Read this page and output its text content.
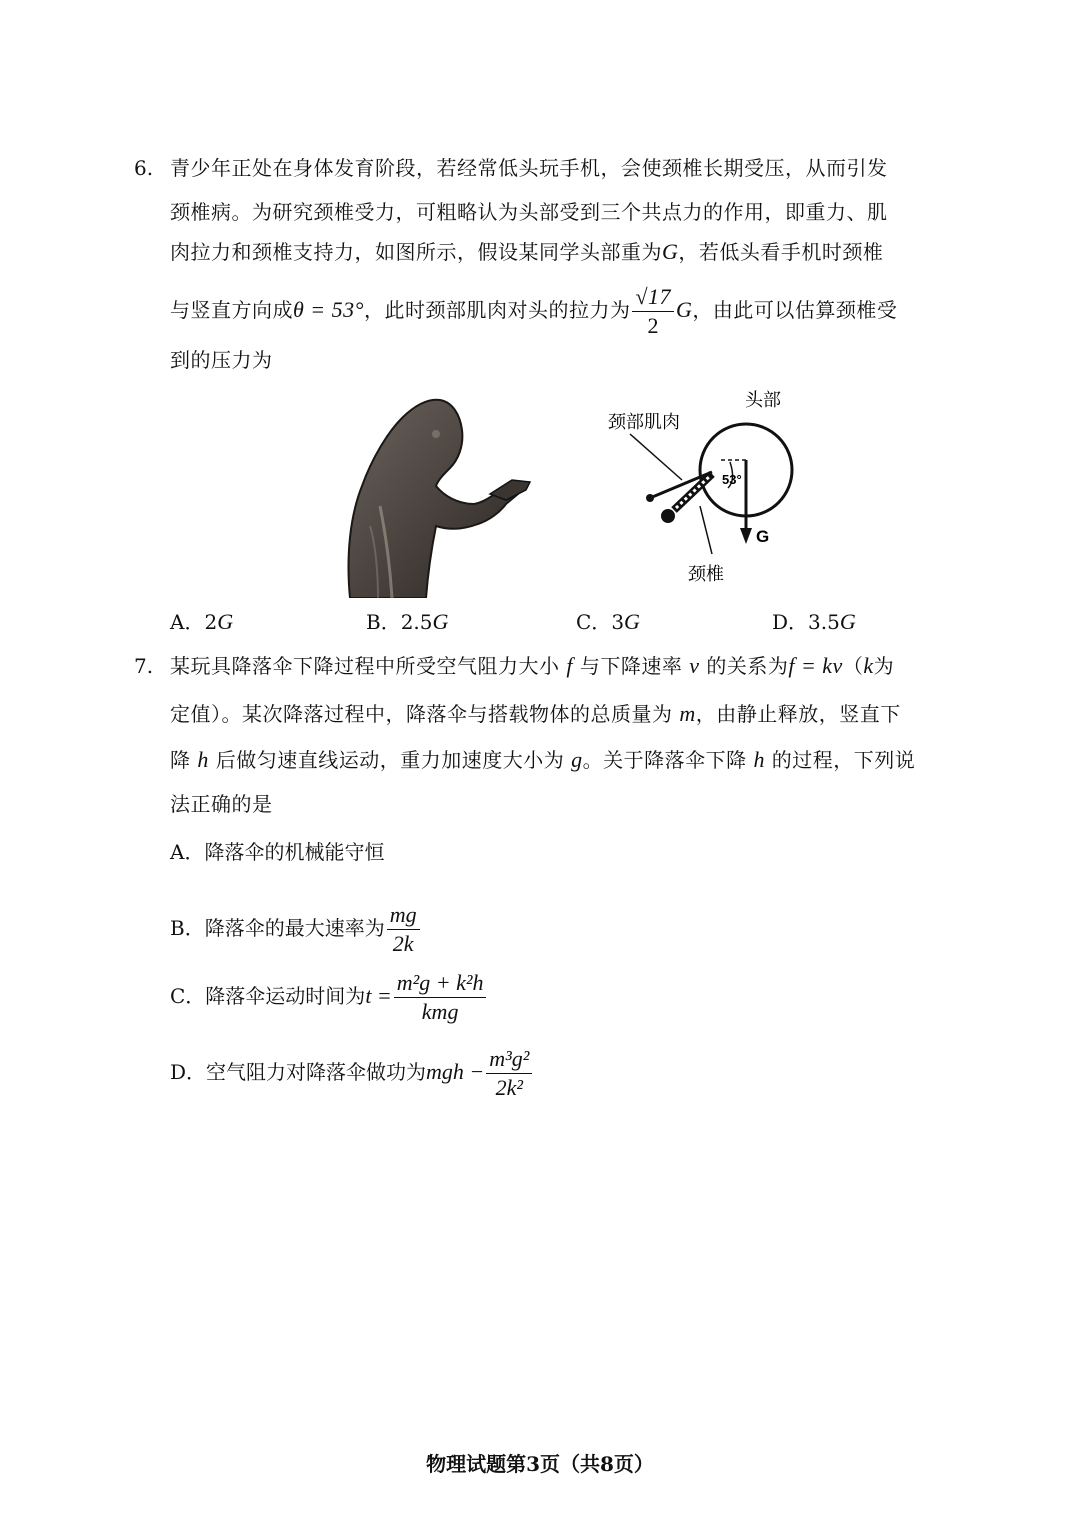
6. 青少年正处在身体发育阶段，若经常低头玩手机，会使颈椎长期受压，从而引发
颈椎病。为研究颈椎受力，可粗略认为头部受到三个共点力的作用，即重力、肌
肉拉力和颈椎支持力，如图所示，假设某同学头部重为G，若低头看手机时颈椎
与竖直方向成θ = 53°，此时颈部肌肉对头的拉力为 $\frac{√17}{2}$ G，由此可以估算颈椎受
到的压力为
头部
颈部肌肉
颈椎
53°
G
A．2G	B．2.5G	C．3G	D．3.5G
7. 某玩具降落伞下降过程中所受空气阻力大小 f 与下降速率 v 的关系为f = kv（k为
定值）。某次降落过程中，降落伞与搭载物体的总质量为 m，由静止释放，竖直下
降 h 后做匀速直线运动，重力加速度大小为 g。关于降落伞下降 h 的过程，下列说
法正确的是
A．降落伞的机械能守恒
B．降落伞的最大速率为 $\frac{mg}{2k}$
C．降落伞运动时间为$t = \frac{\text{m²g + k²h}}{\text{kmg}}$
D．空气阻力对降落伞做功为mgh − $\frac{\text{m³g²}}{\text{2k²}}$
物理试题第3页（共8页）
